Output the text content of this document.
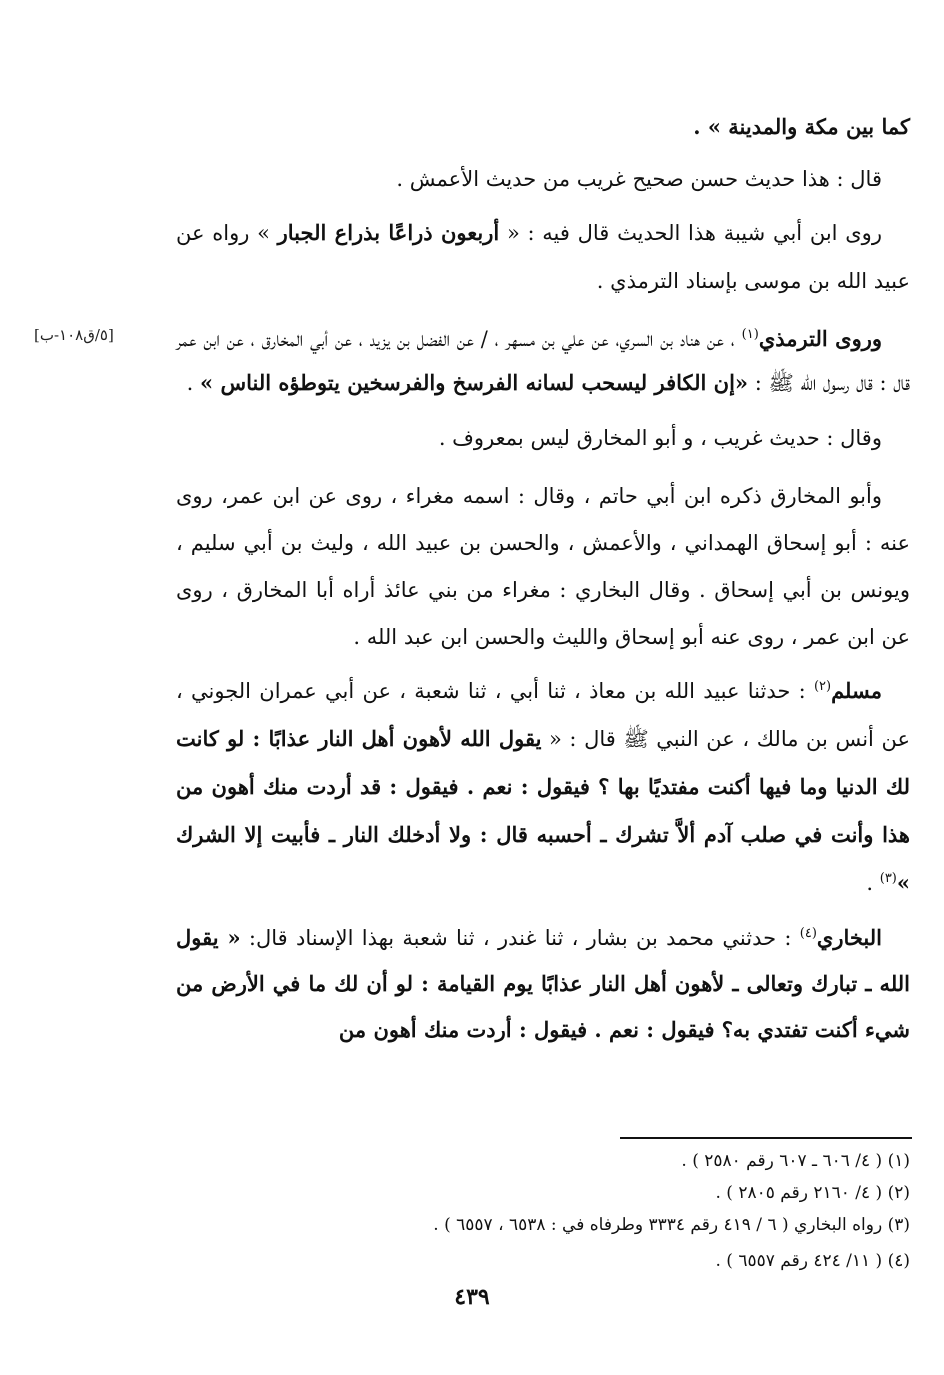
كما بين مكة والمدينة » .

قال : هذا حديث حسن صحيح غريب من حديث الأعمش .

روى ابن أبي شيبة هذا الحديث قال فيه : « أربعون ذراعًا بذراع الجبار » رواه عن عبيد الله بن موسى بإسناد الترمذي .

وروى الترمذي$^{(١)}$ ، عن هناد بن السري، عن علي بن مسهر ، / عن الفضل بن يزيد ، عن أبي المخارق ، عن ابن عمر قال : قال رسول الله ﷺ : «إن الكافر ليسحب لسانه الفرسخ والفرسخين يتوطؤه الناس » .

وقال : حديث غريب ، و أبو المخارق ليس بمعروف .

وأبو المخارق ذكره ابن أبي حاتم ، وقال : اسمه مغراء ، روى عن ابن عمر، روى عنه : أبو إسحاق الهمداني ، والأعمش ، والحسن بن عبيد الله ، وليث بن أبي سليم ، ويونس بن أبي إسحاق . وقال البخاري : مغراء من بني عائذ أراه أبا المخارق ، روى عن ابن عمر ، روى عنه أبو إسحاق والليث والحسن ابن عبد الله .

مسلم$^{(٢)}$ : حدثنا عبيد الله بن معاذ ، ثنا أبي ، ثنا شعبة ، عن أبي عمران الجوني ، عن أنس بن مالك ، عن النبي ﷺ قال : « يقول الله لأهون أهل النار عذابًا : لو كانت لك الدنيا وما فيها أكنت مفتديًا بها ؟ فيقول : نعم . فيقول : قد أردت منك أهون من هذا وأنت في صلب آدم ألاَّ تشرك ـ أحسبه قال : ولا أدخلك النار ـ فأبيت إلا الشرك »$^{(٣)}$ .

البخاري$^{(٤)}$ : حدثني محمد بن بشار ، ثنا غندر ، ثنا شعبة بهذا الإسناد قال: « يقول الله ـ تبارك وتعالى ـ لأهون أهل النار عذابًا يوم القيامة : لو أن لك ما في الأرض من شيء أكنت تفتدي به؟ فيقول : نعم . فيقول : أردت منك أهون من

[٥/ق١٠٨-ب]
(١) ( ٤/ ٦٠٦ ـ ٦٠٧ رقم ٢٥٨٠ ) .
(٢) ( ٤/ ٢١٦٠ رقم ٢٨٠٥ ) .
(٣) رواه البخاري ( ٦ / ٤١٩ رقم ٣٣٣٤ وطرفاه في : ٦٥٣٨ ، ٦٥٥٧ ) .
(٤) ( ١١/ ٤٢٤ رقم ٦٥٥٧ ) .
٤٣٩
